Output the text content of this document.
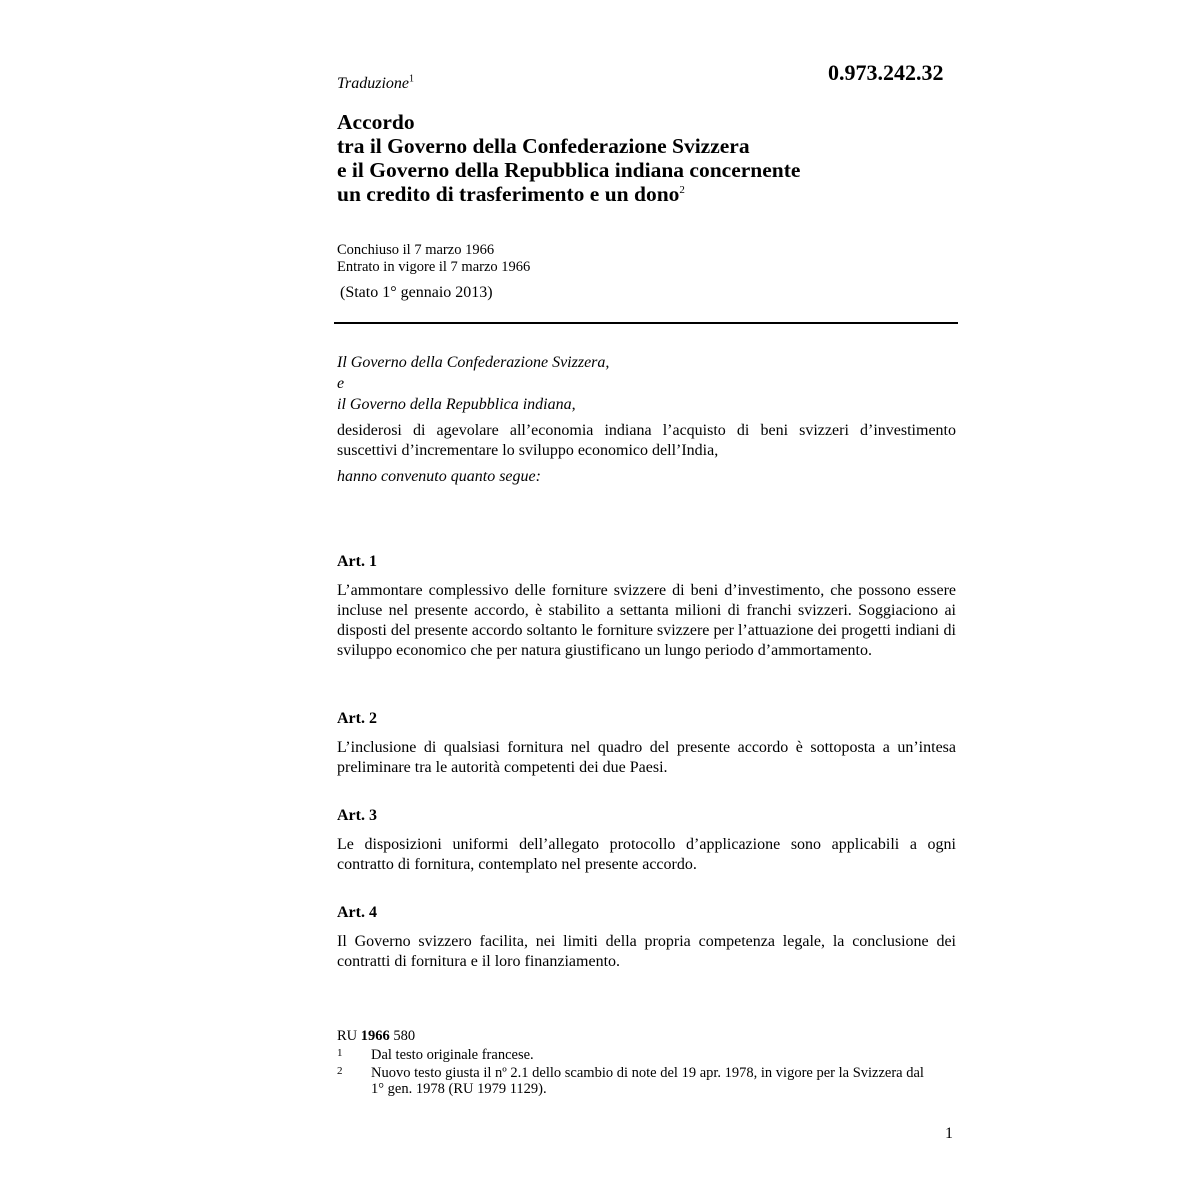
Traduzione$^1$	0.973.242.32
Accordo
tra il Governo della Confederazione Svizzera
e il Governo della Repubblica indiana concernente
un credito di trasferimento e un dono$^2$
Conchiuso il 7 marzo 1966
Entrato in vigore il 7 marzo 1966
(Stato 1° gennaio 2013)
Il Governo della Confederazione Svizzera,
e
il Governo della Repubblica indiana,
desiderosi di agevolare all’economia indiana l’acquisto di beni svizzeri d’investimento suscettivi d’incrementare lo sviluppo economico dell’India,
hanno convenuto quanto segue:
Art. 1
L’ammontare complessivo delle forniture svizzere di beni d’investimento, che possono essere incluse nel presente accordo, è stabilito a settanta milioni di franchi svizzeri. Soggiaciono ai disposti del presente accordo soltanto le forniture svizzere per l’attuazione dei progetti indiani di sviluppo economico che per natura giustificano un lungo periodo d’ammortamento.
Art. 2
L’inclusione di qualsiasi fornitura nel quadro del presente accordo è sottoposta a un’intesa preliminare tra le autorità competenti dei due Paesi.
Art. 3
Le disposizioni uniformi dell’allegato protocollo d’applicazione sono applicabili a ogni contratto di fornitura, contemplato nel presente accordo.
Art. 4
Il Governo svizzero facilita, nei limiti della propria competenza legale, la conclusione dei contratti di fornitura e il loro finanziamento.
RU 1966 580
1 Dal testo originale francese.
2 Nuovo testo giusta il nº 2.1 dello scambio di note del 19 apr. 1978, in vigore per la Svizzera dal 1° gen. 1978 (RU 1979 1129).
1
